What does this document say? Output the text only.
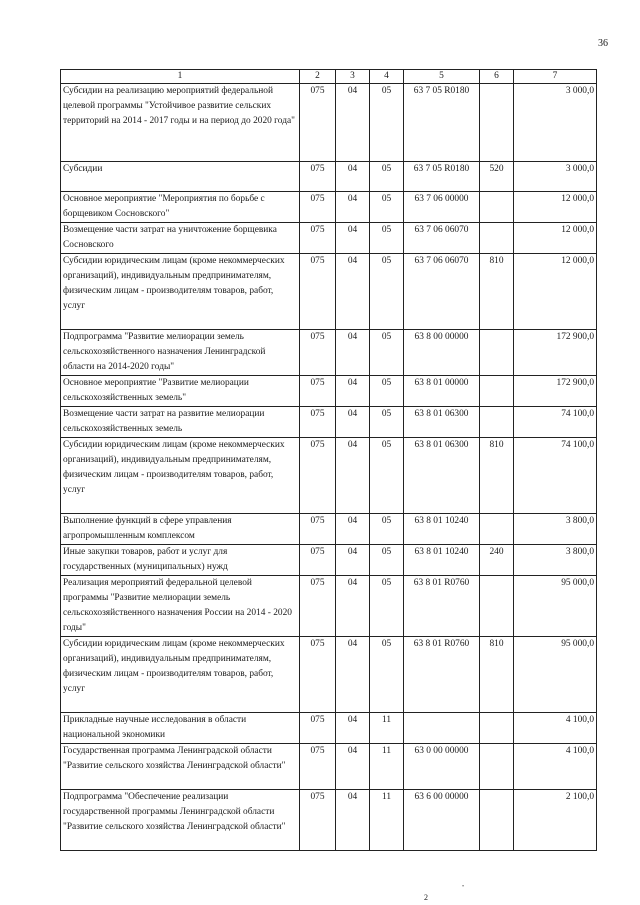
36
1	2	3	4	5	6	7
Субсидии на реализацию мероприятий федеральной целевой программы "Устойчивое развитие сельских территорий на 2014 - 2017 годы и на период до 2020 года"	075	04	05	63 7 05 R0180		3 000,0
Субсидии	075	04	05	63 7 05 R0180	520	3 000,0
Основное мероприятие "Мероприятия по борьбе с борщевиком Сосновского"	075	04	05	63 7 06 00000		12 000,0
Возмещение части затрат на уничтожение борщевика Сосновского	075	04	05	63 7 06 06070		12 000,0
Субсидии юридическим лицам (кроме некоммерческих организаций), индивидуальным предпринимателям, физическим лицам - производителям товаров, работ, услуг	075	04	05	63 7 06 06070	810	12 000,0
Подпрограмма "Развитие мелиорации земель сельскохозяйственного назначения Ленинградской области на 2014-2020 годы"	075	04	05	63 8 00 00000		172 900,0
Основное мероприятие "Развитие мелиорации сельскохозяйственных земель"	075	04	05	63 8 01 00000		172 900,0
Возмещение части затрат на развитие мелиорации сельскохозяйственных земель	075	04	05	63 8 01 06300		74 100,0
Субсидии юридическим лицам (кроме некоммерческих организаций), индивидуальным предпринимателям, физическим лицам - производителям товаров, работ, услуг	075	04	05	63 8 01 06300	810	74 100,0
Выполнение функций в сфере управления агропромышленным комплексом	075	04	05	63 8 01 10240		3 800,0
Иные закупки товаров, работ и услуг для государственных (муниципальных) нужд	075	04	05	63 8 01 10240	240	3 800,0
Реализация мероприятий федеральной целевой программы "Развитие мелиорации земель сельскохозяйственного назначения России на 2014 - 2020 годы"	075	04	05	63 8 01 R0760		95 000,0
Субсидии юридическим лицам (кроме некоммерческих организаций), индивидуальным предпринимателям, физическим лицам - производителям товаров, работ, услуг	075	04	05	63 8 01 R0760	810	95 000,0
Прикладные научные исследования в области национальной экономики	075	04	11			4 100,0
Государственная программа Ленинградской области "Развитие сельского хозяйства Ленинградской области"	075	04	11	63 0 00 00000		4 100,0
Подпрограмма "Обеспечение реализации государственной программы Ленинградской области "Развитие сельского хозяйства Ленинградской области"	075	04	11	63 6 00 00000		2 100,0
•
2
